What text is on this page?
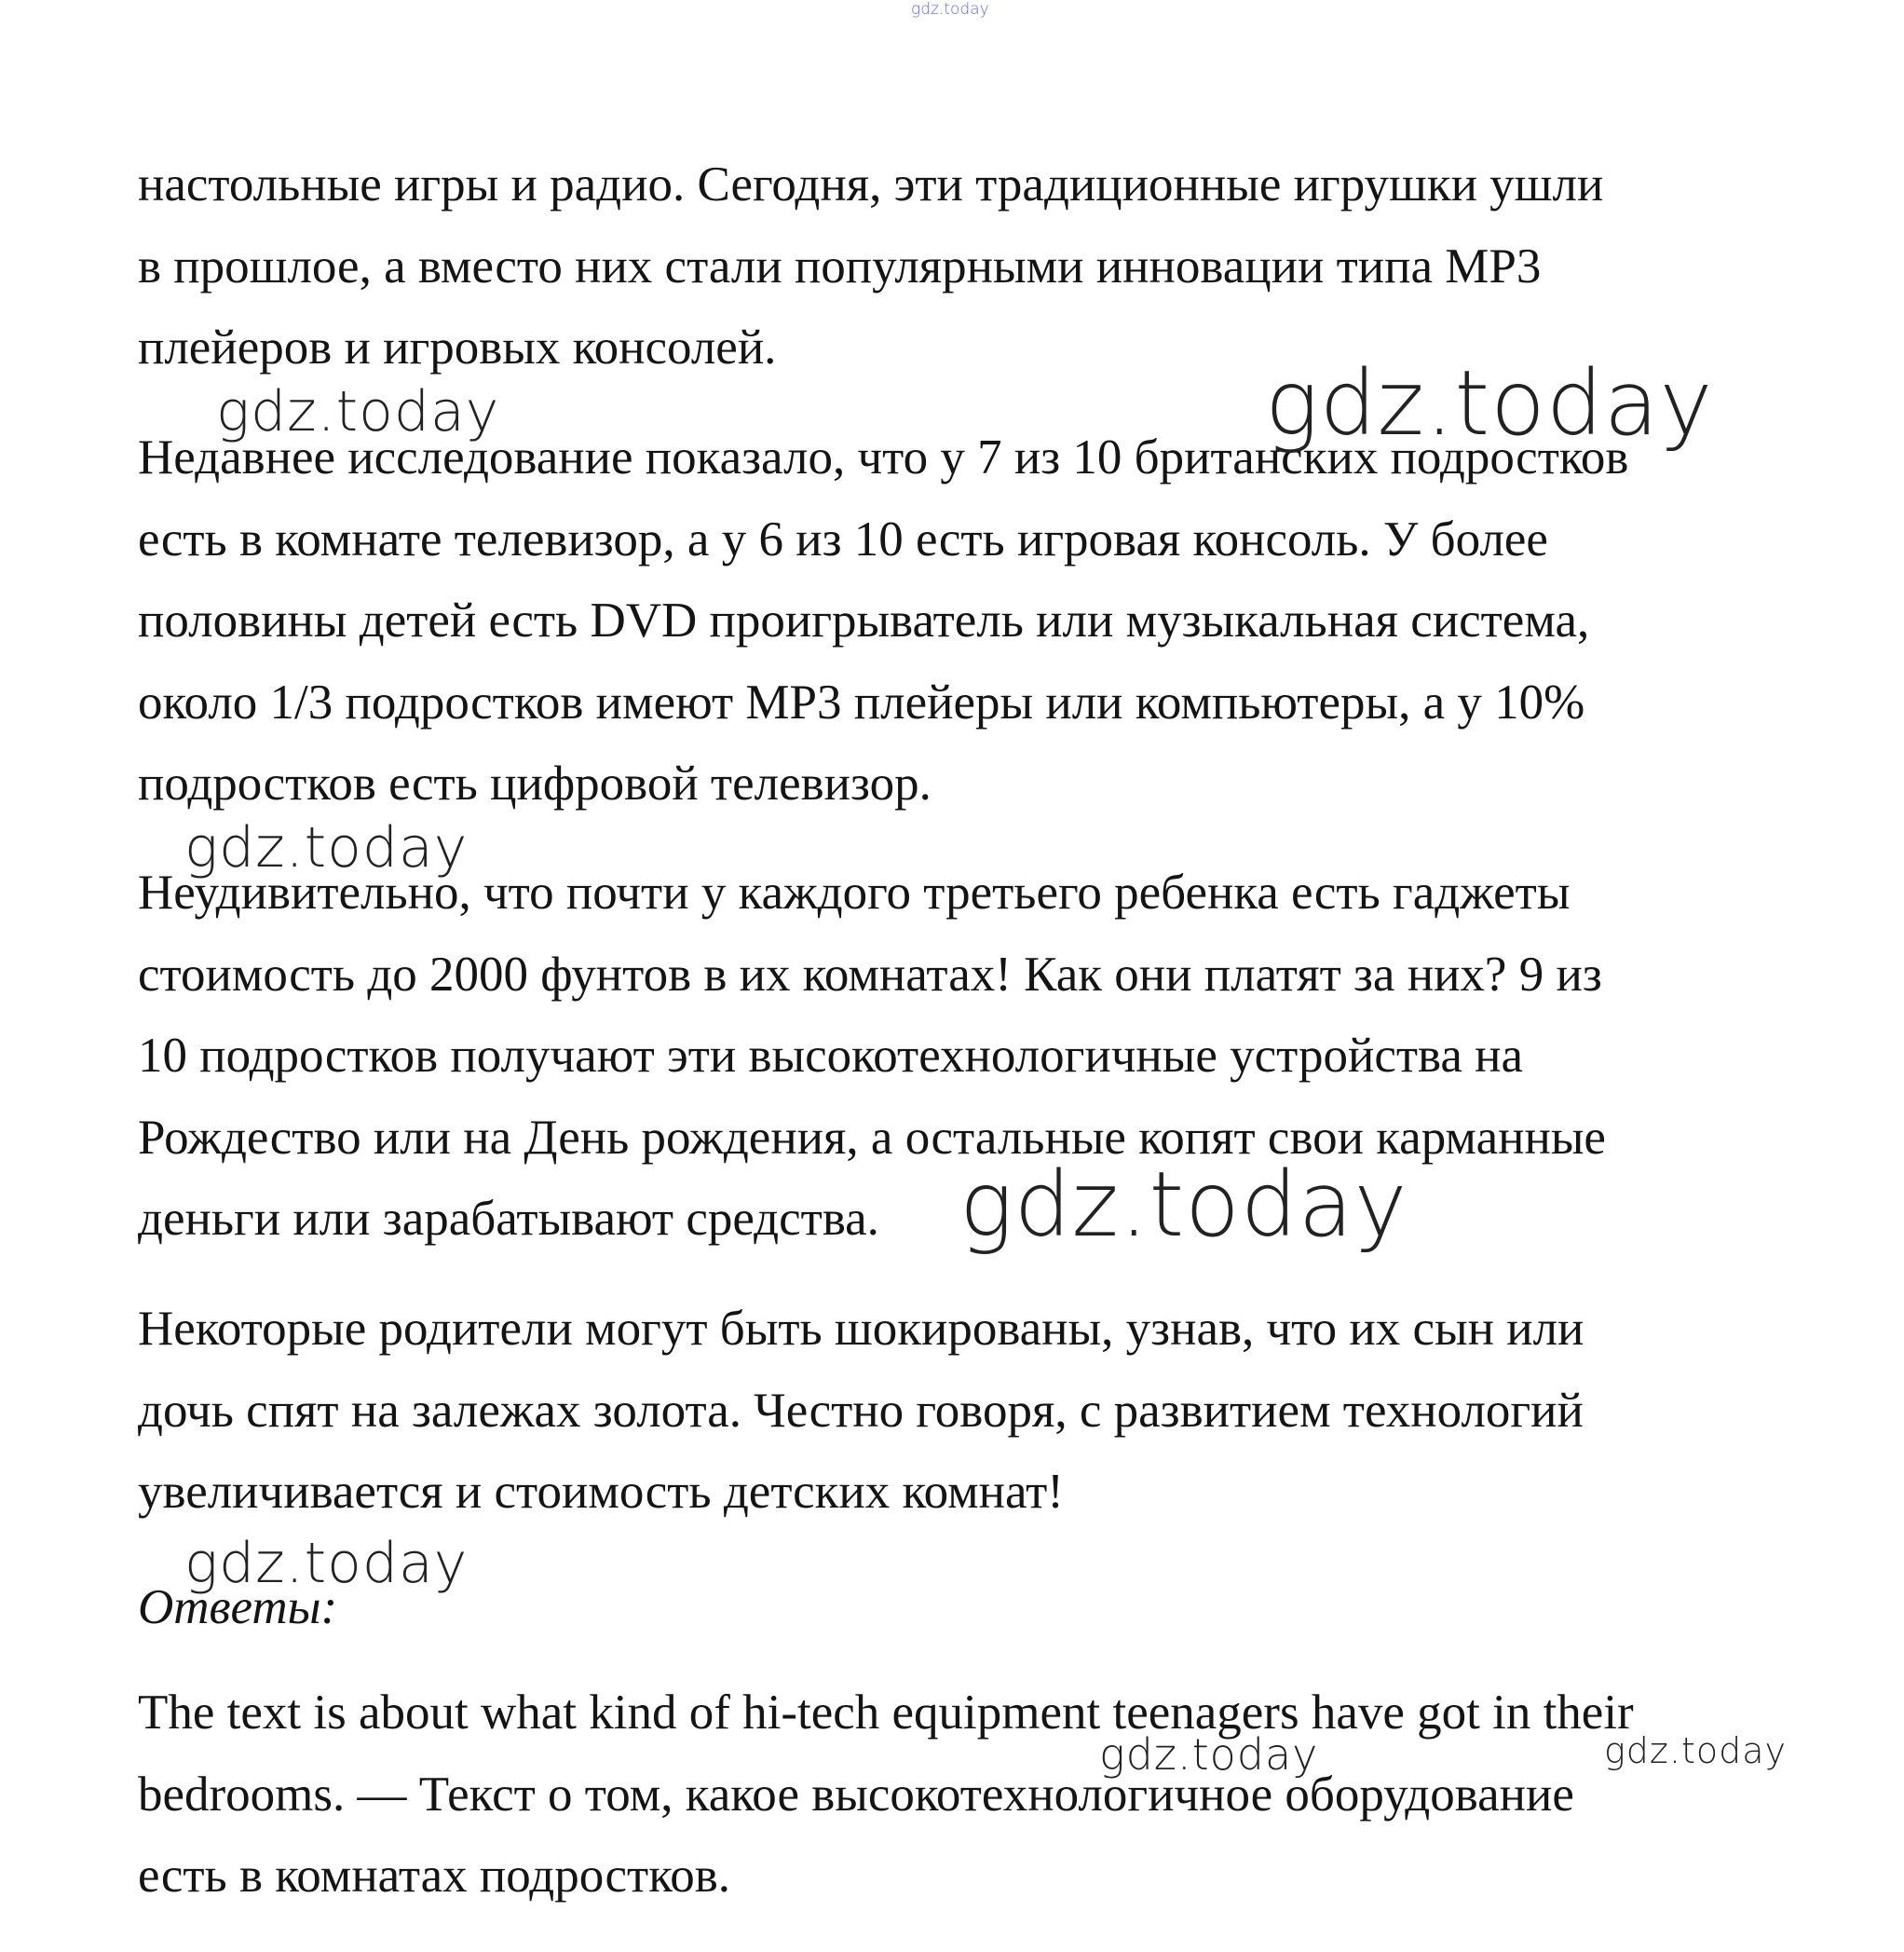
gdz.today

настольные игры и радио. Сегодня, эти традиционные игрушки ушли
в прошлое, а вместо них стали популярными инновации типа MP3
плейеров и игровых консолей.

Недавнее исследование показало, что у 7 из 10 британских подростков
есть в комнате телевизор, а у 6 из 10 есть игровая консоль. У более
половины детей есть DVD проигрыватель или музыкальная система,
около 1/3 подростков имеют MP3 плейеры или компьютеры, а у 10%
подростков есть цифровой телевизор.

Неудивительно, что почти у каждого третьего ребенка есть гаджеты
стоимость до 2000 фунтов в их комнатах! Как они платят за них? 9 из
10 подростков получают эти высокотехнологичные устройства на
Рождество или на День рождения, а остальные копят свои карманные
деньги или зарабатывают средства.

Некоторые родители могут быть шокированы, узнав, что их сын или
дочь спят на залежах золота. Честно говоря, с развитием технологий
увеличивается и стоимость детских комнат!

Ответы:

The text is about what kind of hi-tech equipment teenagers have got in their
bedrooms. — Текст о том, какое высокотехнологичное оборудование
есть в комнатах подростков.

gdz.today	gdz.today
gdz.today
gdz.today
gdz.today
gdz.today	gdz.today
